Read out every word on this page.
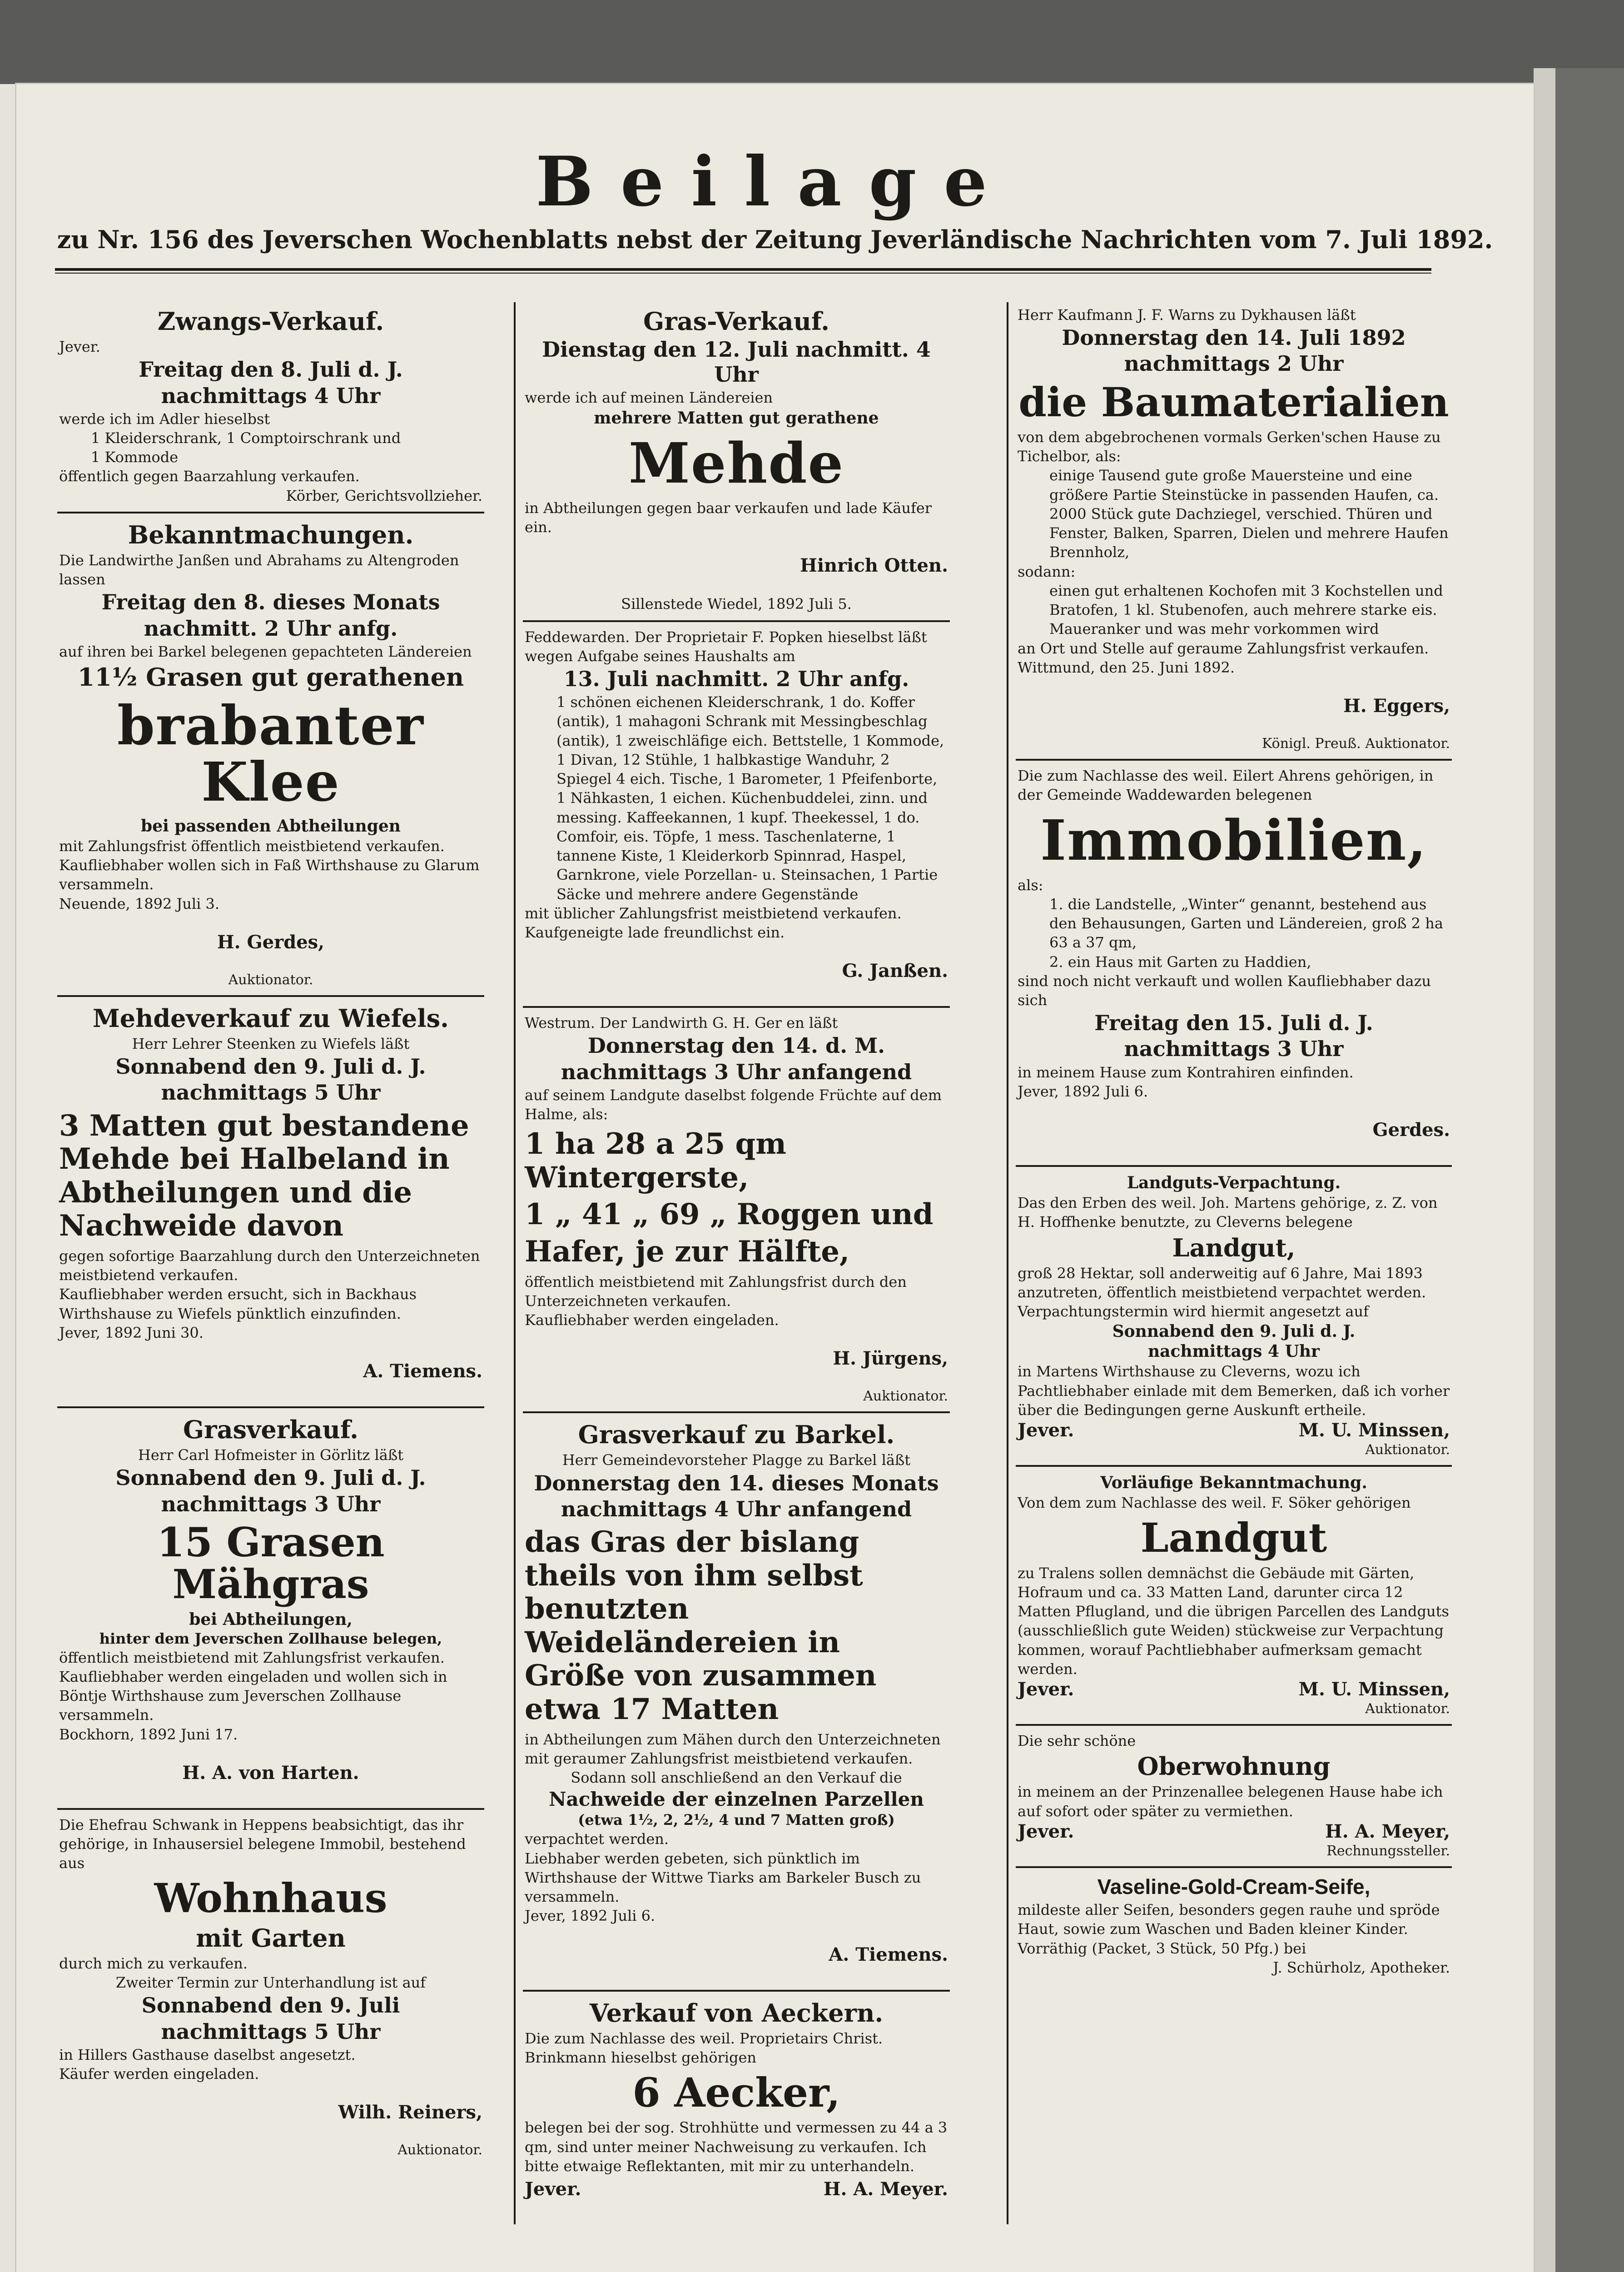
Beilage
zu Nr. 156 des Jeverschen Wochenblatts nebst der Zeitung Jeverländische Nachrichten vom 7. Juli 1892.

Zwangs-Verkauf.

Jever.

Freitag den 8. Juli d. J.

nachmittags 4 Uhr

werde ich im Adler hieselbst

1 Kleiderschrank, 1 Comptoirschrank und

1 Kommode

öffentlich gegen Baarzahlung verkaufen.

Körber, Gerichtsvollzieher.

Bekanntmachungen.

Die Landwirthe Janßen und Abrahams zu Altengroden lassen

Freitag den 8. dieses Monats

nachmitt. 2 Uhr anfg.

auf ihren bei Barkel belegenen gepachteten Ländereien

11½ Grasen gut gerathenen

brabanter Klee

bei passenden Abtheilungen

mit Zahlungsfrist öffentlich meistbietend verkaufen.

Kaufliebhaber wollen sich in Faß Wirthshause zu Glarum versammeln.

Neuende, 1892 Juli 3.

H. Gerdes,

Auktionator.

Mehdeverkauf zu Wiefels.

Herr Lehrer Steenken zu Wiefels läßt

Sonnabend den 9. Juli d. J.

nachmittags 5 Uhr

3 Matten gut bestandene Mehde bei Halbeland in Abtheilungen und die Nachweide davon

gegen sofortige Baarzahlung durch den Unterzeichneten meistbietend verkaufen.

Kaufliebhaber werden ersucht, sich in Backhaus Wirthshause zu Wiefels pünktlich einzufinden.

Jever, 1892 Juni 30.

A. Tiemens.

Grasverkauf.

Herr Carl Hofmeister in Görlitz läßt

Sonnabend den 9. Juli d. J.

nachmittags 3 Uhr

15 Grasen Mähgras

bei Abtheilungen,

hinter dem Jeverschen Zollhause belegen,

öffentlich meistbietend mit Zahlungsfrist verkaufen.

Kaufliebhaber werden eingeladen und wollen sich in Böntje Wirthshause zum Jeverschen Zollhause versammeln.

Bockhorn, 1892 Juni 17.

H. A. von Harten.

Die Ehefrau Schwank in Heppens beabsichtigt, das ihr gehörige, in Inhausersiel belegene Immobil, bestehend aus

Wohnhaus

mit Garten

durch mich zu verkaufen.

Zweiter Termin zur Unterhandlung ist auf

Sonnabend den 9. Juli

nachmittags 5 Uhr

in Hillers Gasthause daselbst angesetzt.

Käufer werden eingeladen.

Wilh. Reiners,

Auktionator.

Gras-Verkauf.

Dienstag den 12. Juli nachmitt. 4 Uhr

werde ich auf meinen Ländereien

mehrere Matten gut gerathene

Mehde

in Abtheilungen gegen baar verkaufen und lade Käufer ein.

Hinrich Otten.

Sillenstede Wiedel, 1892 Juli 5.

Feddewarden. Der Proprietair F. Popken hieselbst läßt wegen Aufgabe seines Haushalts am

13. Juli nachmitt. 2 Uhr anfg.

1 schönen eichenen Kleiderschrank, 1 do. Koffer (antik), 1 mahagoni Schrank mit Messingbeschlag (antik), 1 zweischläfige eich. Bettstelle, 1 Kommode, 1 Divan, 12 Stühle, 1 halbkastige Wanduhr, 2 Spiegel 4 eich. Tische, 1 Barometer, 1 Pfeifenborte, 1 Nähkasten, 1 eichen. Küchenbuddelei, zinn. und messing. Kaffeekannen, 1 kupf. Theekessel, 1 do. Comfoir, eis. Töpfe, 1 mess. Taschenlaterne, 1 tannene Kiste, 1 Kleiderkorb Spinnrad, Haspel, Garnkrone, viele Porzellan- u. Steinsachen, 1 Partie Säcke und mehrere andere Gegenstände

mit üblicher Zahlungsfrist meistbietend verkaufen.

Kaufgeneigte lade freundlichst ein.

G. Janßen.

Westrum. Der Landwirth G. H. Ger en läßt

Donnerstag den 14. d. M.

nachmittags 3 Uhr anfangend

auf seinem Landgute daselbst folgende Früchte auf dem Halme, als:

1 ha 28 a 25 qm Wintergerste,

1 „ 41 „ 69 „ Roggen und

Hafer, je zur Hälfte,

öffentlich meistbietend mit Zahlungsfrist durch den Unterzeichneten verkaufen.

Kaufliebhaber werden eingeladen.

H. Jürgens,

Auktionator.

Grasverkauf zu Barkel.

Herr Gemeindevorsteher Plagge zu Barkel läßt

Donnerstag den 14. dieses Monats

nachmittags 4 Uhr anfangend

das Gras der bislang theils von ihm selbst benutzten Weideländereien in Größe von zusammen etwa 17 Matten

in Abtheilungen zum Mähen durch den Unterzeichneten mit geraumer Zahlungsfrist meistbietend verkaufen.

Sodann soll anschließend an den Verkauf die

Nachweide der einzelnen Parzellen

(etwa 1½, 2, 2½, 4 und 7 Matten groß)

verpachtet werden.

Liebhaber werden gebeten, sich pünktlich im Wirthshause der Wittwe Tiarks am Barkeler Busch zu versammeln.

Jever, 1892 Juli 6.

A. Tiemens.

Verkauf von Aeckern.

Die zum Nachlasse des weil. Proprietairs Christ. Brinkmann hieselbst gehörigen

6 Aecker,

belegen bei der sog. Strohhütte und vermessen zu 44 a 3 qm, sind unter meiner Nachweisung zu verkaufen. Ich bitte etwaige Reflektanten, mit mir zu unterhandeln.

Jever.	H. A. Meyer.

Herr Kaufmann J. F. Warns zu Dykhausen läßt

Donnerstag den 14. Juli 1892

nachmittags 2 Uhr

die Baumaterialien

von dem abgebrochenen vormals Gerken'schen Hause zu Tichelbor, als:

einige Tausend gute große Mauersteine und eine größere Partie Steinstücke in passenden Haufen, ca. 2000 Stück gute Dachziegel, verschied. Thüren und Fenster, Balken, Sparren, Dielen und mehrere Haufen Brennholz,

sodann:

einen gut erhaltenen Kochofen mit 3 Kochstellen und Bratofen, 1 kl. Stubenofen, auch mehrere starke eis. Maueranker und was mehr vorkommen wird

an Ort und Stelle auf geraume Zahlungsfrist verkaufen.

Wittmund, den 25. Juni 1892.

H. Eggers,

Königl. Preuß. Auktionator.

Die zum Nachlasse des weil. Eilert Ahrens gehörigen, in der Gemeinde Waddewarden belegenen

Immobilien,

als:

1. die Landstelle, „Winter“ genannt, bestehend aus den Behausungen, Garten und Ländereien, groß 2 ha 63 a 37 qm,

2. ein Haus mit Garten zu Haddien,

sind noch nicht verkauft und wollen Kaufliebhaber dazu sich

Freitag den 15. Juli d. J.

nachmittags 3 Uhr

in meinem Hause zum Kontrahiren einfinden.

Jever, 1892 Juli 6.

Gerdes.

Landguts-Verpachtung.

Das den Erben des weil. Joh. Martens gehörige, z. Z. von H. Hoffhenke benutzte, zu Cleverns belegene

Landgut,

groß 28 Hektar, soll anderweitig auf 6 Jahre, Mai 1893 anzutreten, öffentlich meistbietend verpachtet werden.

Verpachtungstermin wird hiermit angesetzt auf

Sonnabend den 9. Juli d. J.

nachmittags 4 Uhr

in Martens Wirthshause zu Cleverns, wozu ich Pachtliebhaber einlade mit dem Bemerken, daß ich vorher über die Bedingungen gerne Auskunft ertheile.

Jever.	M. U. Minssen,

Auktionator.

Vorläufige Bekanntmachung.

Von dem zum Nachlasse des weil. F. Söker gehörigen

Landgut

zu Tralens sollen demnächst die Gebäude mit Gärten, Hofraum und ca. 33 Matten Land, darunter circa 12 Matten Pflugland, und die übrigen Parcellen des Landguts (ausschließlich gute Weiden) stückweise zur Verpachtung kommen, worauf Pachtliebhaber aufmerksam gemacht werden.

Jever.	M. U. Minssen,

Auktionator.

Die sehr schöne

Oberwohnung

in meinem an der Prinzenallee belegenen Hause habe ich auf sofort oder später zu vermiethen.

Jever.	H. A. Meyer,

Rechnungssteller.

Vaseline-Gold-Cream-Seife,

mildeste aller Seifen, besonders gegen rauhe und spröde Haut, sowie zum Waschen und Baden kleiner Kinder. Vorräthig (Packet, 3 Stück, 50 Pfg.) bei

J. Schürholz, Apotheker.
